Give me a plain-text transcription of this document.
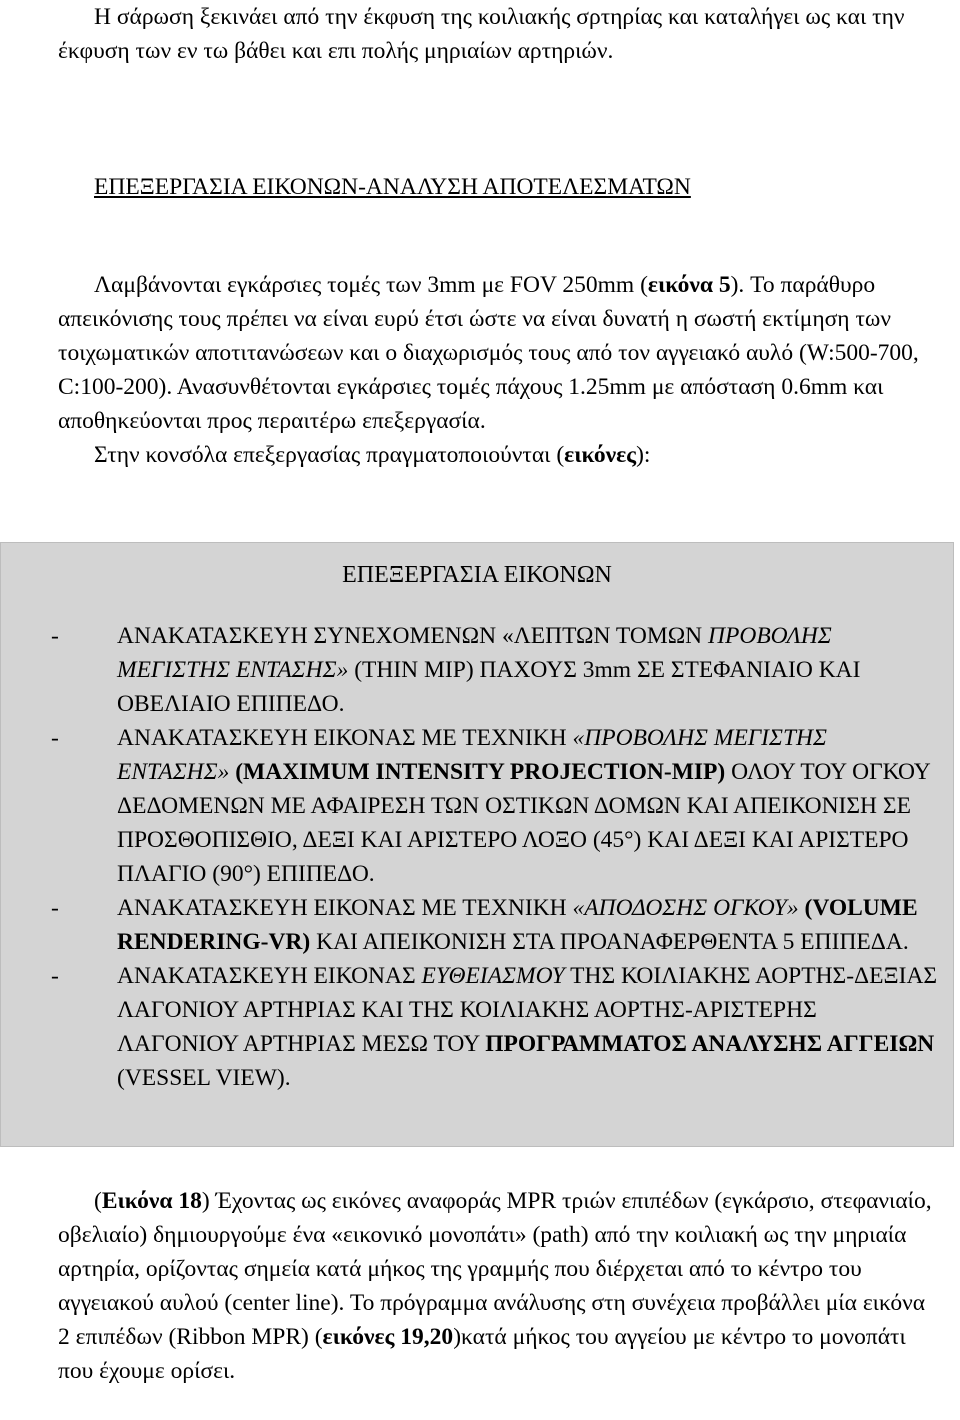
Η σάρωση ξεκινάει από την έκφυση της κοιλιακής σρτηρίας και καταλήγει ως και την έκφυση των εν τω βάθει και επι πολής μηριαίων αρτηριών.

ΕΠΕΞΕΡΓΑΣΙΑ ΕΙΚΟΝΩΝ-ΑΝΑΛΥΣΗ ΑΠΟΤΕΛΕΣΜΑΤΩΝ

Λαμβάνονται εγκάρσιες τομές των 3mm με FOV 250mm (εικόνα 5). Το παράθυρο απεικόνισης τους πρέπει να είναι ευρύ έτσι ώστε να είναι δυνατή η σωστή εκτίμηση των τοιχωματικών αποτιτανώσεων και ο διαχωρισμός τους από τον αγγειακό αυλό (W:500-700, C:100-200). Ανασυνθέτονται εγκάρσιες τομές πάχους 1.25mm με απόσταση 0.6mm και αποθηκεύονται προς περαιτέρω επεξεργασία.
Στην κονσόλα επεξεργασίας πραγματοποιούνται (εικόνες):

ΕΠΕΞΕΡΓΑΣΙΑ ΕΙΚΟΝΩΝ

- ΑΝΑΚΑΤΑΣΚΕΥΗ ΣΥΝΕΧΟΜΕΝΩΝ «ΛΕΠΤΩΝ ΤΟΜΩΝ ΠΡΟΒΟΛΗΣ ΜΕΓΙΣΤΗΣ ΕΝΤΑΣΗΣ» (THIN MIP) ΠΑΧΟΥΣ 3mm ΣΕ ΣΤΕΦΑΝΙΑΙΟ ΚΑΙ ΟΒΕΛΙΑΙΟ ΕΠΙΠΕΔΟ.
- ΑΝΑΚΑΤΑΣΚΕΥΗ ΕΙΚΟΝΑΣ ΜΕ ΤΕΧΝΙΚΗ «ΠΡΟΒΟΛΗΣ ΜΕΓΙΣΤΗΣ ΕΝΤΑΣΗΣ» (MAXIMUM INTENSITY PROJECTION-MIP) ΟΛΟΥ ΤΟΥ ΟΓΚΟΥ ΔΕΔΟΜΕΝΩΝ ΜΕ ΑΦΑΙΡΕΣΗ ΤΩΝ ΟΣΤΙΚΩΝ ΔΟΜΩΝ ΚΑΙ ΑΠΕΙΚΟΝΙΣΗ ΣΕ ΠΡΟΣΘΟΠΙΣΘΙΟ, ΔΕΞΙ ΚΑΙ ΑΡΙΣΤΕΡΟ ΛΟΞΟ (45°) ΚΑΙ ΔΕΞΙ ΚΑΙ ΑΡΙΣΤΕΡΟ ΠΛΑΓΙΟ (90°) ΕΠΙΠΕΔΟ.
- ΑΝΑΚΑΤΑΣΚΕΥΗ ΕΙΚΟΝΑΣ ΜΕ ΤΕΧΝΙΚΗ «ΑΠΟΔΟΣΗΣ ΟΓΚΟΥ» (VOLUME RENDERING-VR) ΚΑΙ ΑΠΕΙΚΟΝΙΣΗ ΣΤΑ ΠΡΟΑΝΑΦΕΡΘΕΝΤΑ 5 ΕΠΙΠΕΔΑ.
- ΑΝΑΚΑΤΑΣΚΕΥΗ ΕΙΚΟΝΑΣ ΕΥΘΕΙΑΣΜΟΥ ΤΗΣ ΚΟΙΛΙΑΚΗΣ ΑΟΡΤΗΣ-ΔΕΞΙΑΣ ΛΑΓΟΝΙΟΥ ΑΡΤΗΡΙΑΣ ΚΑΙ ΤΗΣ ΚΟΙΛΙΑΚΗΣ ΑΟΡΤΗΣ-ΑΡΙΣΤΕΡΗΣ ΛΑΓΟΝΙΟΥ ΑΡΤΗΡΙΑΣ ΜΕΣΩ ΤΟΥ ΠΡΟΓΡΑΜΜΑΤΟΣ ΑΝΑΛΥΣΗΣ ΑΓΓΕΙΩΝ (VESSEL VIEW).

(Εικόνα 18) Έχοντας ως εικόνες αναφοράς MPR τριών επιπέδων (εγκάρσιο, στεφανιαίο, οβελιαίο) δημιουργούμε ένα «εικονικό μονοπάτι» (path) από την κοιλιακή ως την μηριαία αρτηρία, ορίζοντας σημεία κατά μήκος της γραμμής που διέρχεται από το κέντρο του αγγειακού αυλού (center line). Το πρόγραμμα ανάλυσης στη συνέχεια προβάλλει μία εικόνα 2 επιπέδων (Ribbon MPR) (εικόνες 19,20)κατά μήκος του αγγείου με κέντρο το μονοπάτι που έχουμε ορίσει.
